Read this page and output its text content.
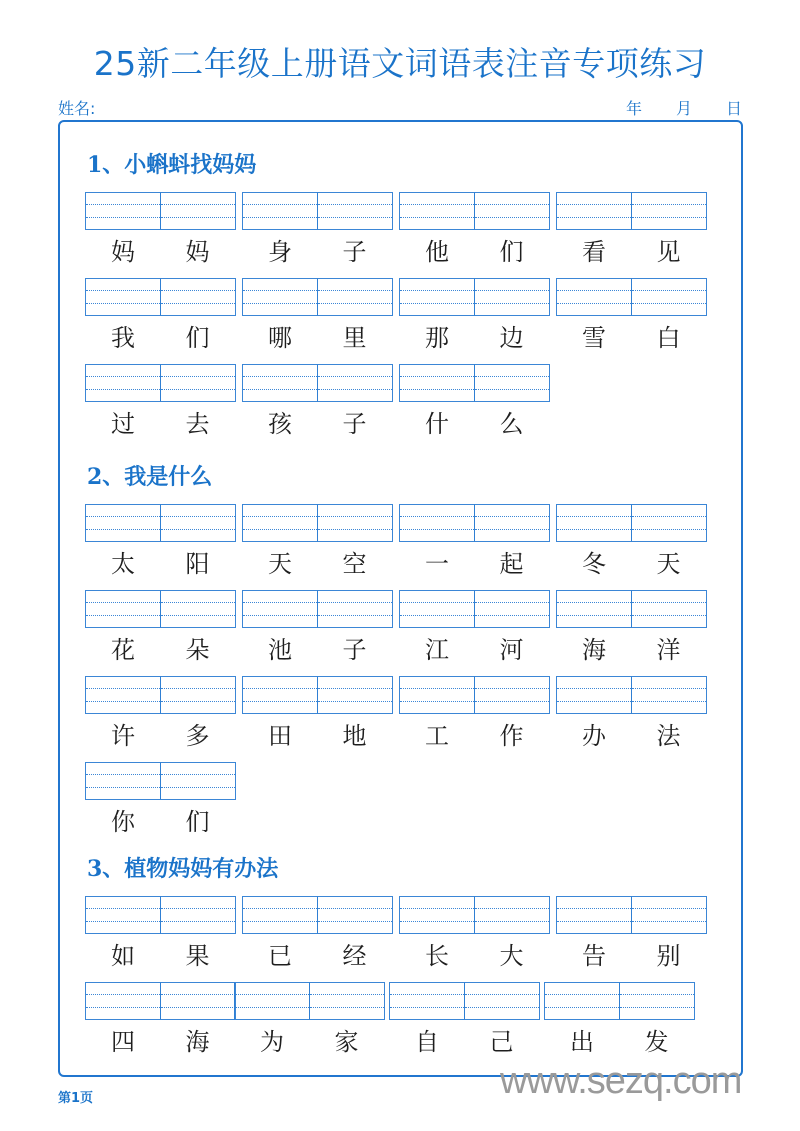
25新二年级上册语文词语表注音专项练习
姓名:	年 月 日
1、小蝌蚪找妈妈
妈	妈	身	子	他	们	看	见
我	们	哪	里	那	边	雪	白
过	去	孩	子	什	么
2、我是什么
太	阳	天	空	一	起	冬	天
花	朵	池	子	江	河	海	洋
许	多	田	地	工	作	办	法
你	们
3、植物妈妈有办法
如	果	已	经	长	大	告	别
四	海	为	家	自	己	出	发
第1页	www.sezq.com
